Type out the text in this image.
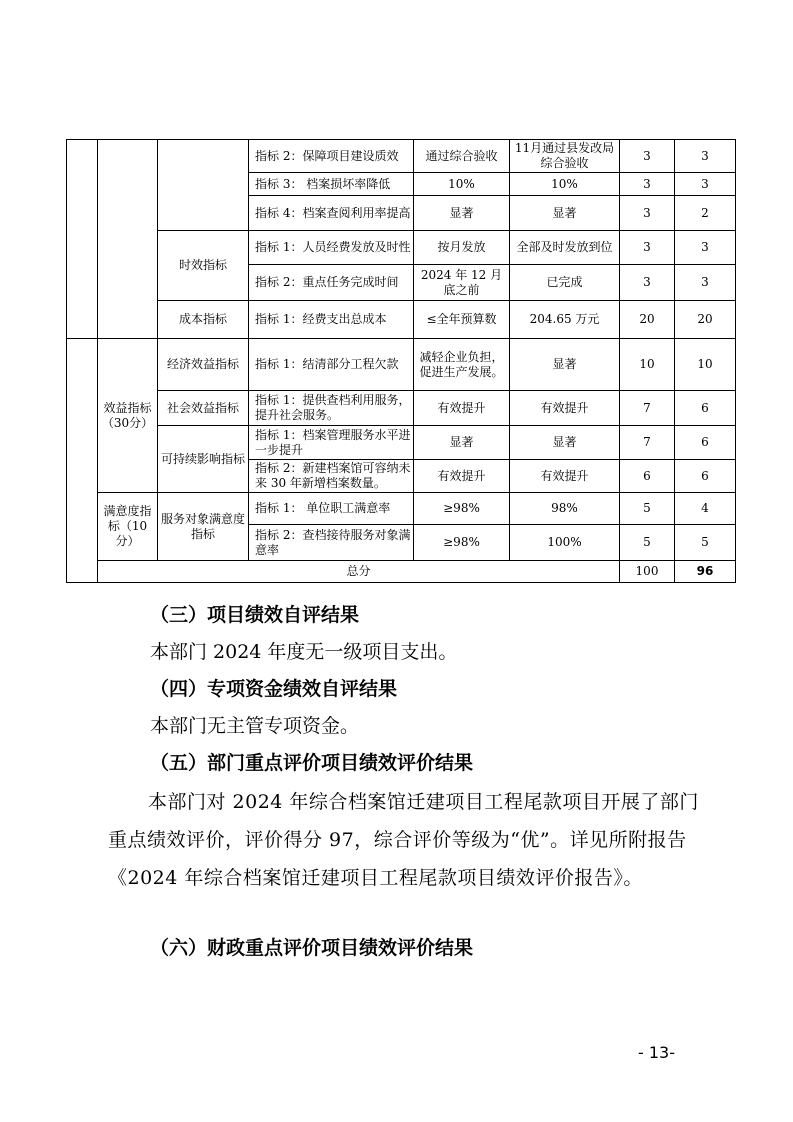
			指标 2：保障项目建设质效	通过综合验收	11月通过县发改局综合验收	3	3
			指标 3： 档案损坏率降低	10%	10%	3	3
			指标 4：档案查阅利用率提高	显著	显著	3	2
		时效指标	指标 1：人员经费发放及时性	按月发放	全部及时发放到位	3	3
			指标 2：重点任务完成时间	2024 年 12 月底之前	已完成	3	3
		成本指标	指标 1：经费支出总成本	≤全年预算数	204.65 万元	20	20
	效益指标（30分）	经济效益指标	指标 1：结清部分工程欠款	减轻企业负担，促进生产发展。	显著	10	10
		社会效益指标	指标 1：提供查档利用服务，提升社会服务。	有效提升	有效提升	7	6
		可持续影响指标	指标 1：档案管理服务水平进一步提升	显著	显著	7	6
			指标 2：新建档案馆可容纳未来 30 年新增档案数量。	有效提升	有效提升	6	6
	满意度指标（10分）	服务对象满意度指标	指标 1： 单位职工满意率	≥98%	98%	5	4
			指标 2：查档接待服务对象满意率	≥98%	100%	5	5
	总分					100	96
（三）项目绩效自评结果
本部门 2024 年度无一级项目支出。
（四）专项资金绩效自评结果
本部门无主管专项资金。
（五）部门重点评价项目绩效评价结果
本部门对 2024 年综合档案馆迁建项目工程尾款项目开展了部门重点绩效评价，评价得分 97，综合评价等级为“优”。详见所附报告《2024 年综合档案馆迁建项目工程尾款项目绩效评价报告》。
（六）财政重点评价项目绩效评价结果
- 13-
